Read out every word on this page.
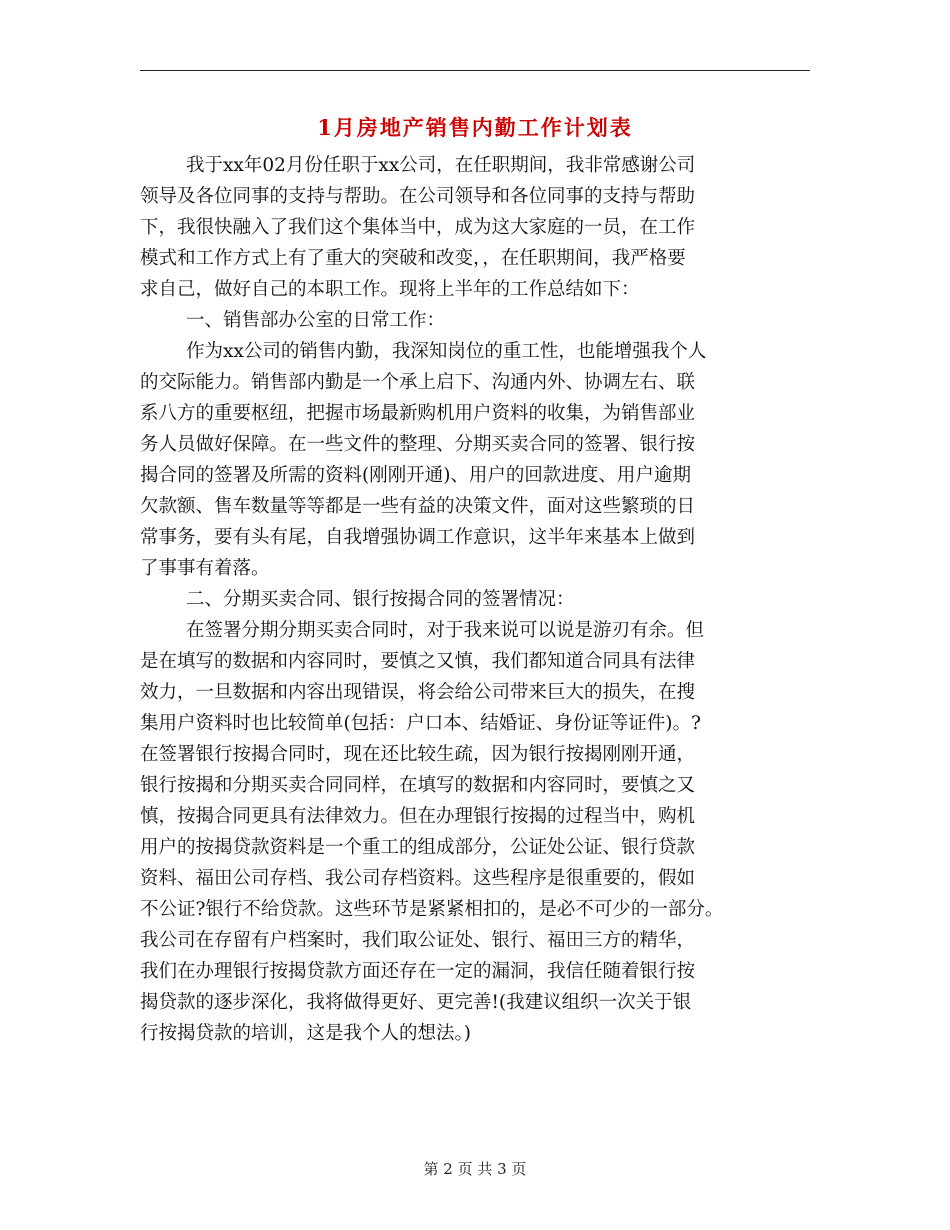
1月房地产销售内勤工作计划表
我于xx年02月份任职于xx公司，在任职期间，我非常感谢公司
领导及各位同事的支持与帮助。在公司领导和各位同事的支持与帮助
下，我很快融入了我们这个集体当中，成为这大家庭的一员，在工作
模式和工作方式上有了重大的突破和改变，，在任职期间，我严格要
求自己，做好自己的本职工作。现将上半年的工作总结如下：
一、销售部办公室的日常工作：
作为xx公司的销售内勤，我深知岗位的重工性，也能增强我个人
的交际能力。销售部内勤是一个承上启下、沟通内外、协调左右、联
系八方的重要枢纽，把握市场最新购机用户资料的收集，为销售部业
务人员做好保障。在一些文件的整理、分期买卖合同的签署、银行按
揭合同的签署及所需的资料(刚刚开通)、用户的回款进度、用户逾期
欠款额、售车数量等等都是一些有益的决策文件，面对这些繁琐的日
常事务，要有头有尾，自我增强协调工作意识，这半年来基本上做到
了事事有着落。
二、分期买卖合同、银行按揭合同的签署情况：
在签署分期分期买卖合同时，对于我来说可以说是游刃有余。但
是在填写的数据和内容同时，要慎之又慎，我们都知道合同具有法律
效力，一旦数据和内容出现错误，将会给公司带来巨大的损失，在搜
集用户资料时也比较简单(包括：户口本、结婚证、身份证等证件)。?
在签署银行按揭合同时，现在还比较生疏，因为银行按揭刚刚开通，
银行按揭和分期买卖合同同样，在填写的数据和内容同时，要慎之又
慎，按揭合同更具有法律效力。但在办理银行按揭的过程当中，购机
用户的按揭贷款资料是一个重工的组成部分，公证处公证、银行贷款
资料、福田公司存档、我公司存档资料。这些程序是很重要的，假如
不公证?银行不给贷款。这些环节是紧紧相扣的，是必不可少的一部分。
我公司在存留有户档案时，我们取公证处、银行、福田三方的精华，
我们在办理银行按揭贷款方面还存在一定的漏洞，我信任随着银行按
揭贷款的逐步深化，我将做得更好、更完善!(我建议组织一次关于银
行按揭贷款的培训，这是我个人的想法。)
第 2 页 共 3 页
